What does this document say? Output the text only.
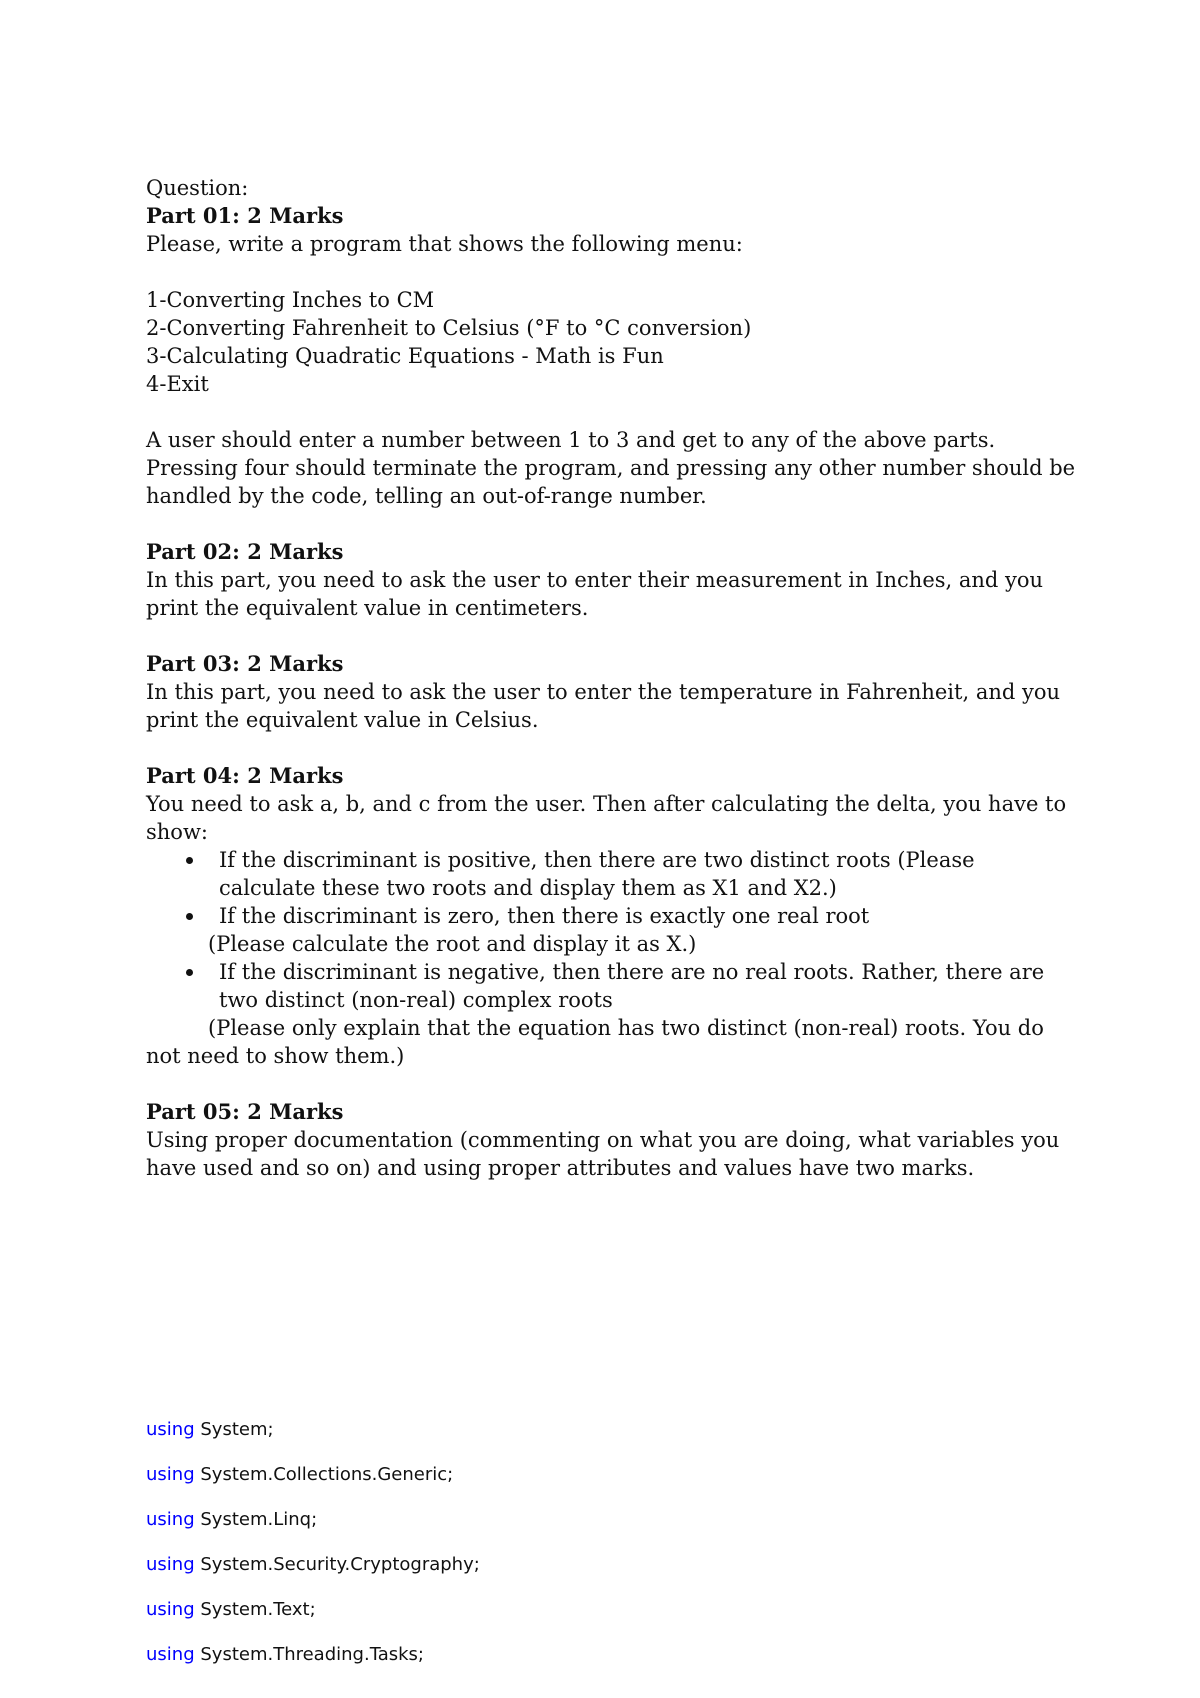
Question:

Part 01: 2 Marks

Please, write a program that shows the following menu:

1-Converting Inches to CM

2-Converting Fahrenheit to Celsius (°F to °C conversion)

3-Calculating Quadratic Equations - Math is Fun

4-Exit

A user should enter a number between 1 to 3 and get to any of the above parts. Pressing four should terminate the program, and pressing any other number should be handled by the code, telling an out-of-range number.

Part 02: 2 Marks

In this part, you need to ask the user to enter their measurement in Inches, and you print the equivalent value in centimeters.

Part 03: 2 Marks

In this part, you need to ask the user to enter the temperature in Fahrenheit, and you print the equivalent value in Celsius.

Part 04: 2 Marks

You need to ask a, b, and c from the user. Then after calculating the delta, you have to show:

If the discriminant is positive, then there are two distinct roots (Please calculate these two roots and display them as X1 and X2.)
If the discriminant is zero, then there is exactly one real root

(Please calculate the root and display it as X.)

If the discriminant is negative, then there are no real roots. Rather, there are two distinct (non-real) complex roots

(Please only explain that the equation has two distinct (non-real) roots. You do not need to show them.)

Part 05: 2 Marks

Using proper documentation (commenting on what you are doing, what variables you have used and so on) and using proper attributes and values have two marks.

using System;

using System.Collections.Generic;

using System.Linq;

using System.Security.Cryptography;

using System.Text;

using System.Threading.Tasks;
